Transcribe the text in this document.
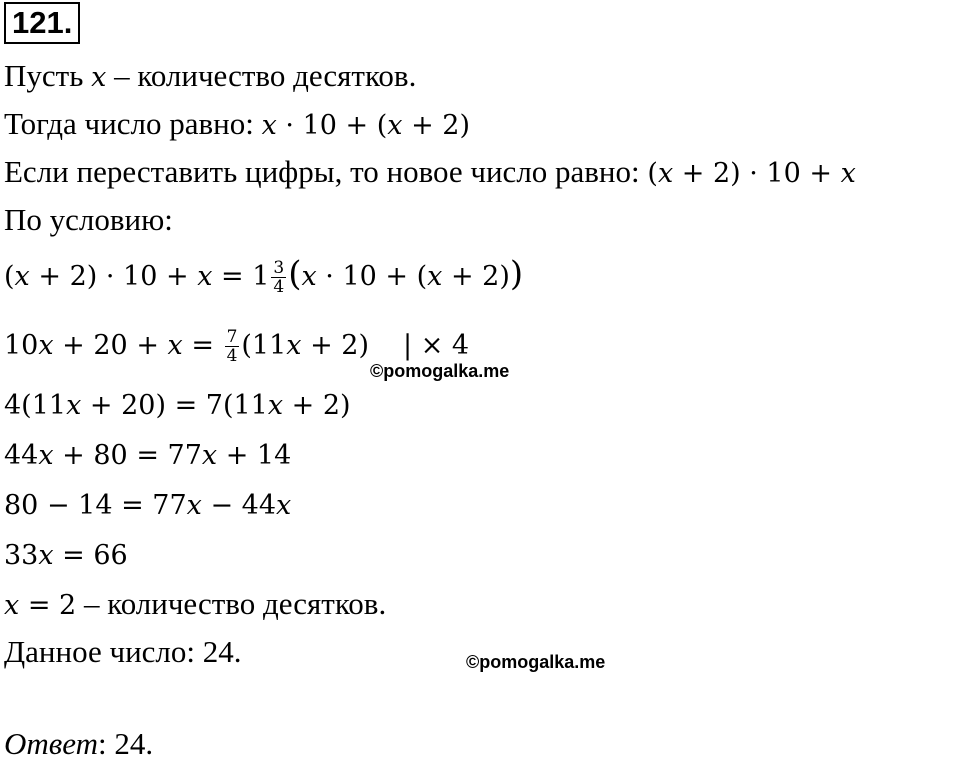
121.
Пусть x – количество десятков.
Тогда число равно: x · 10 + (x + 2)
Если переставить цифры, то новое число равно: (x + 2) · 10 + x
По условию:
$(x + 2) \cdot 10 + x = 1 \frac{3}{4} (x \cdot 10 + (x + 2))$
$10x + 20 + x = \frac{7}{4} (11x + 2)$ | × 4
©pomogalka.me
4(11x + 20) = 7(11x + 2)
44x + 80 = 77x + 14
80 − 14 = 77x − 44x
33x = 66
x = 2 – количество десятков.
Данное число: 24.	©pomogalka.me
Ответ: 24.
